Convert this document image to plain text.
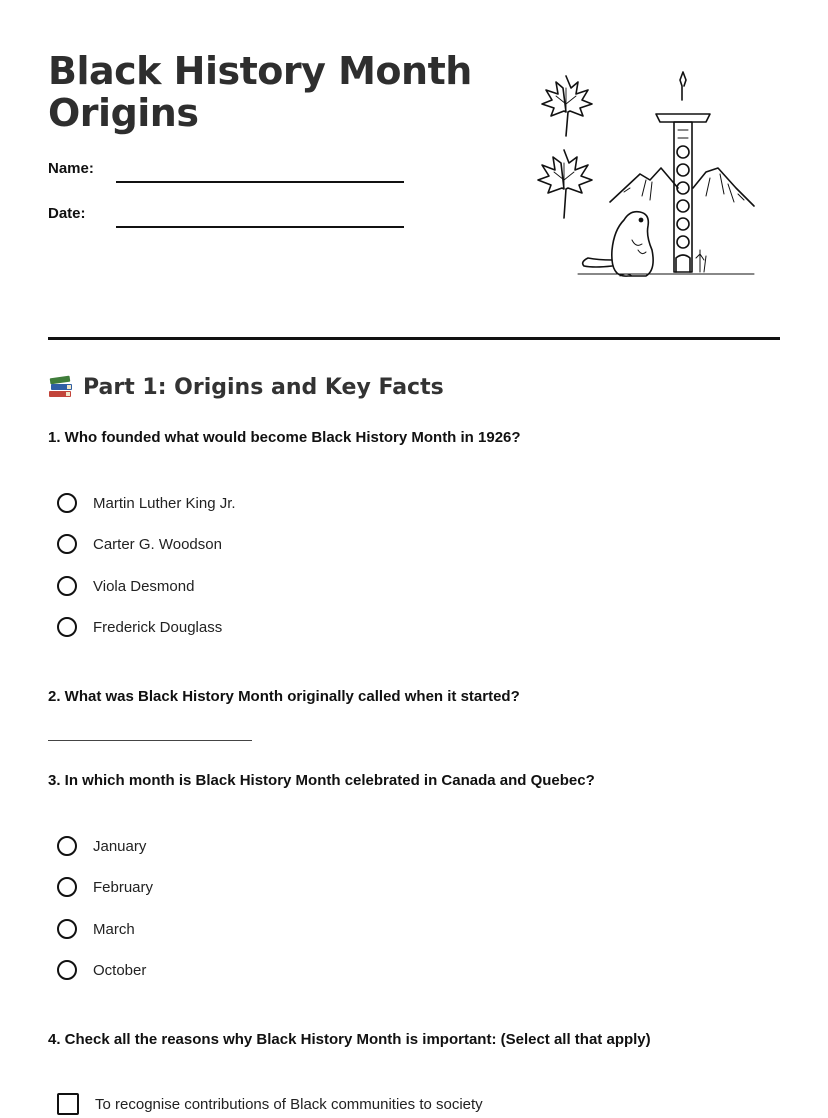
Black History Month
Origins
Name:
Date:
Part 1: Origins and Key Facts

1. Who founded what would become Black History Month in 1926?

Martin Luther King Jr.
Carter G. Woodson
Viola Desmond
Frederick Douglass

2. What was Black History Month originally called when it started?

3. In which month is Black History Month celebrated in Canada and Quebec?

January
February
March
October

4. Check all the reasons why Black History Month is important: (Select all that apply)

To recognise contributions of Black communities to society
